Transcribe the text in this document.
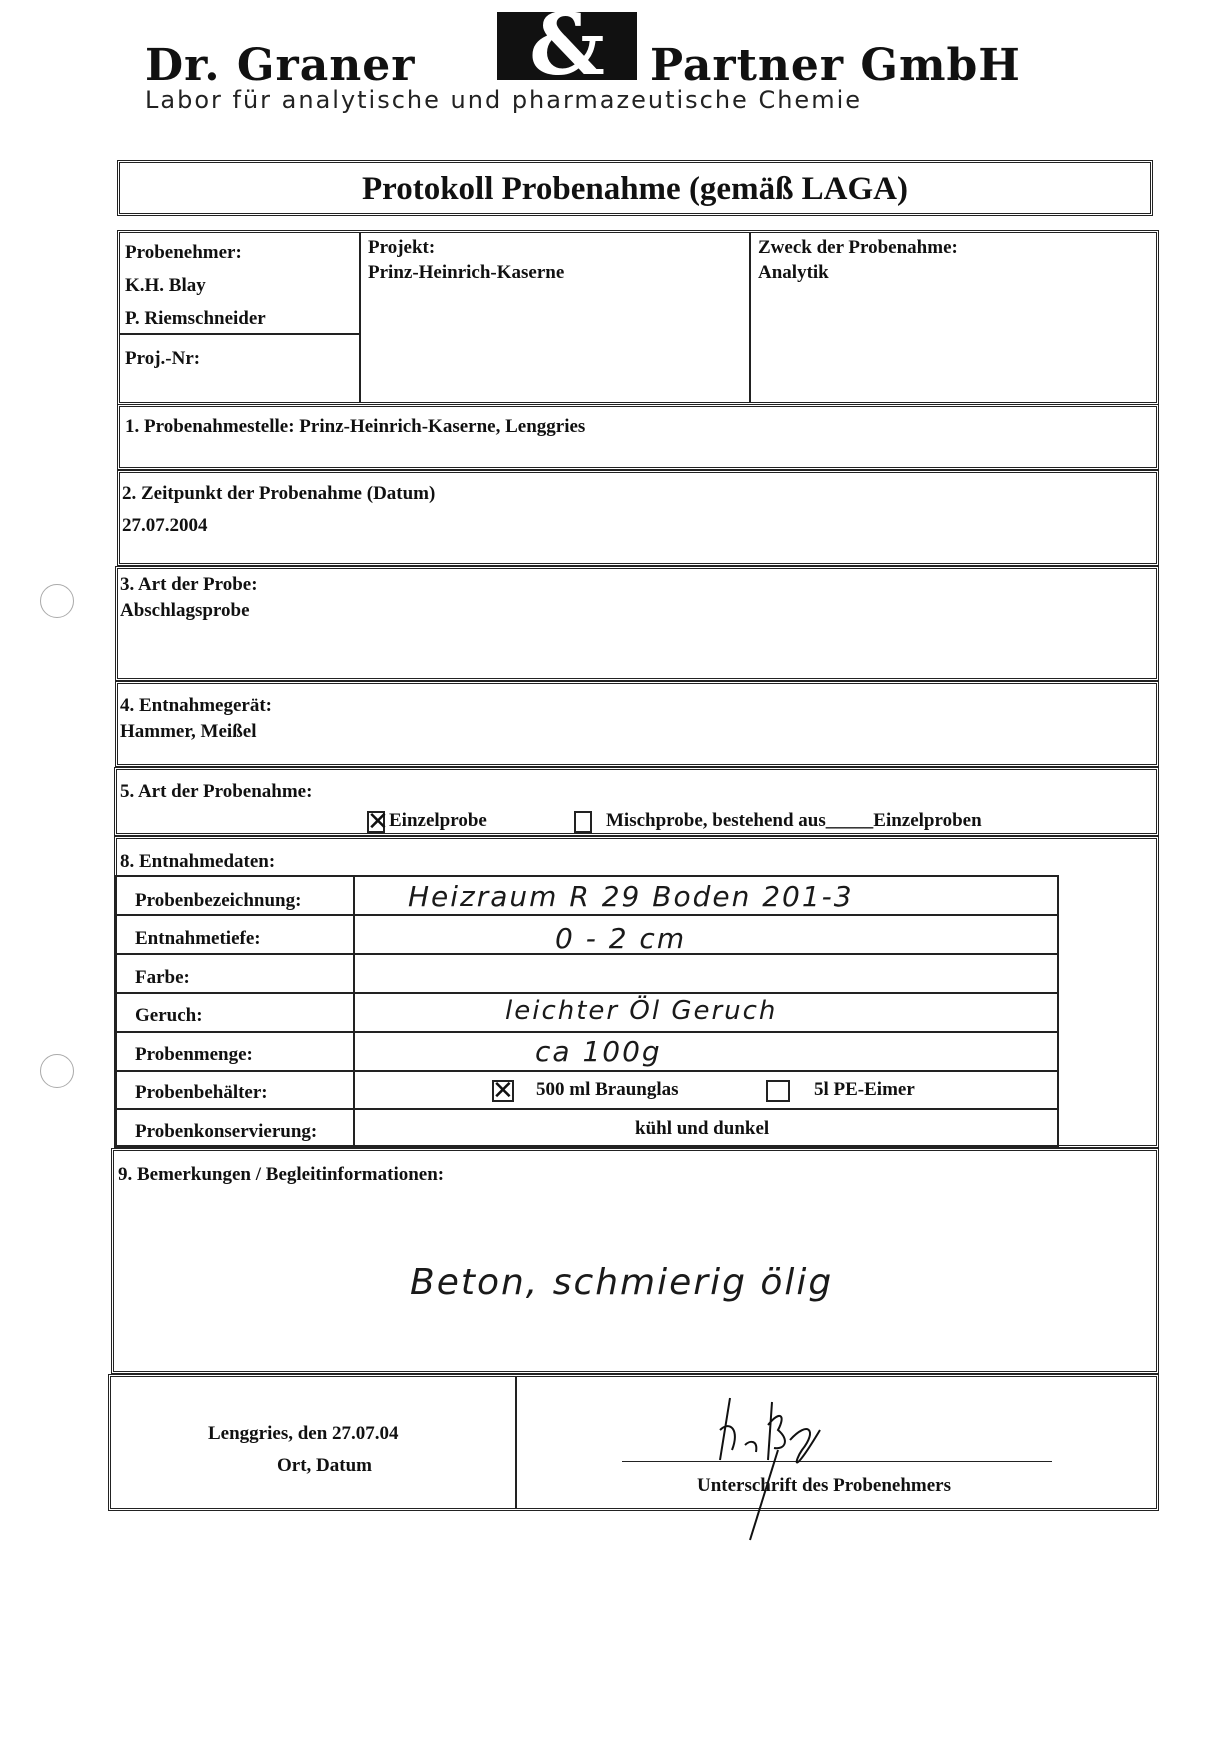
Dr. Graner	&	Partner GmbH
Labor für analytische und pharmazeutische Chemie
Protokoll Probenahme (gemäß LAGA)
Probenehmer:
K.H. Blay
P. Riemschneider
Proj.-Nr:
Projekt:
Prinz-Heinrich-Kaserne
Zweck der Probenahme:
Analytik
1. Probenahmestelle: Prinz-Heinrich-Kaserne, Lenggries
2. Zeitpunkt der Probenahme (Datum)
27.07.2004
3. Art der Probe:
Abschlagsprobe
4. Entnahmegerät:
Hammer, Meißel
5. Art der Probenahme:
✕ Einzelprobe	Mischprobe, bestehend aus_____Einzelproben
8. Entnahmedaten:
Probenbezeichnung:	Heizraum R 29 Boden 201-3
Entnahmetiefe:	0 - 2 cm
Farbe:
Geruch:	leichter Öl Geruch
Probenmenge:	ca 100g
Probenbehälter:	✕ 500 ml Braunglas	5l PE-Eimer
Probenkonservierung:	kühl und dunkel
9. Bemerkungen / Begleitinformationen:
Beton, schmierig ölig
Lenggries, den 27.07.04
Ort, Datum
Unterschrift des Probenehmers
